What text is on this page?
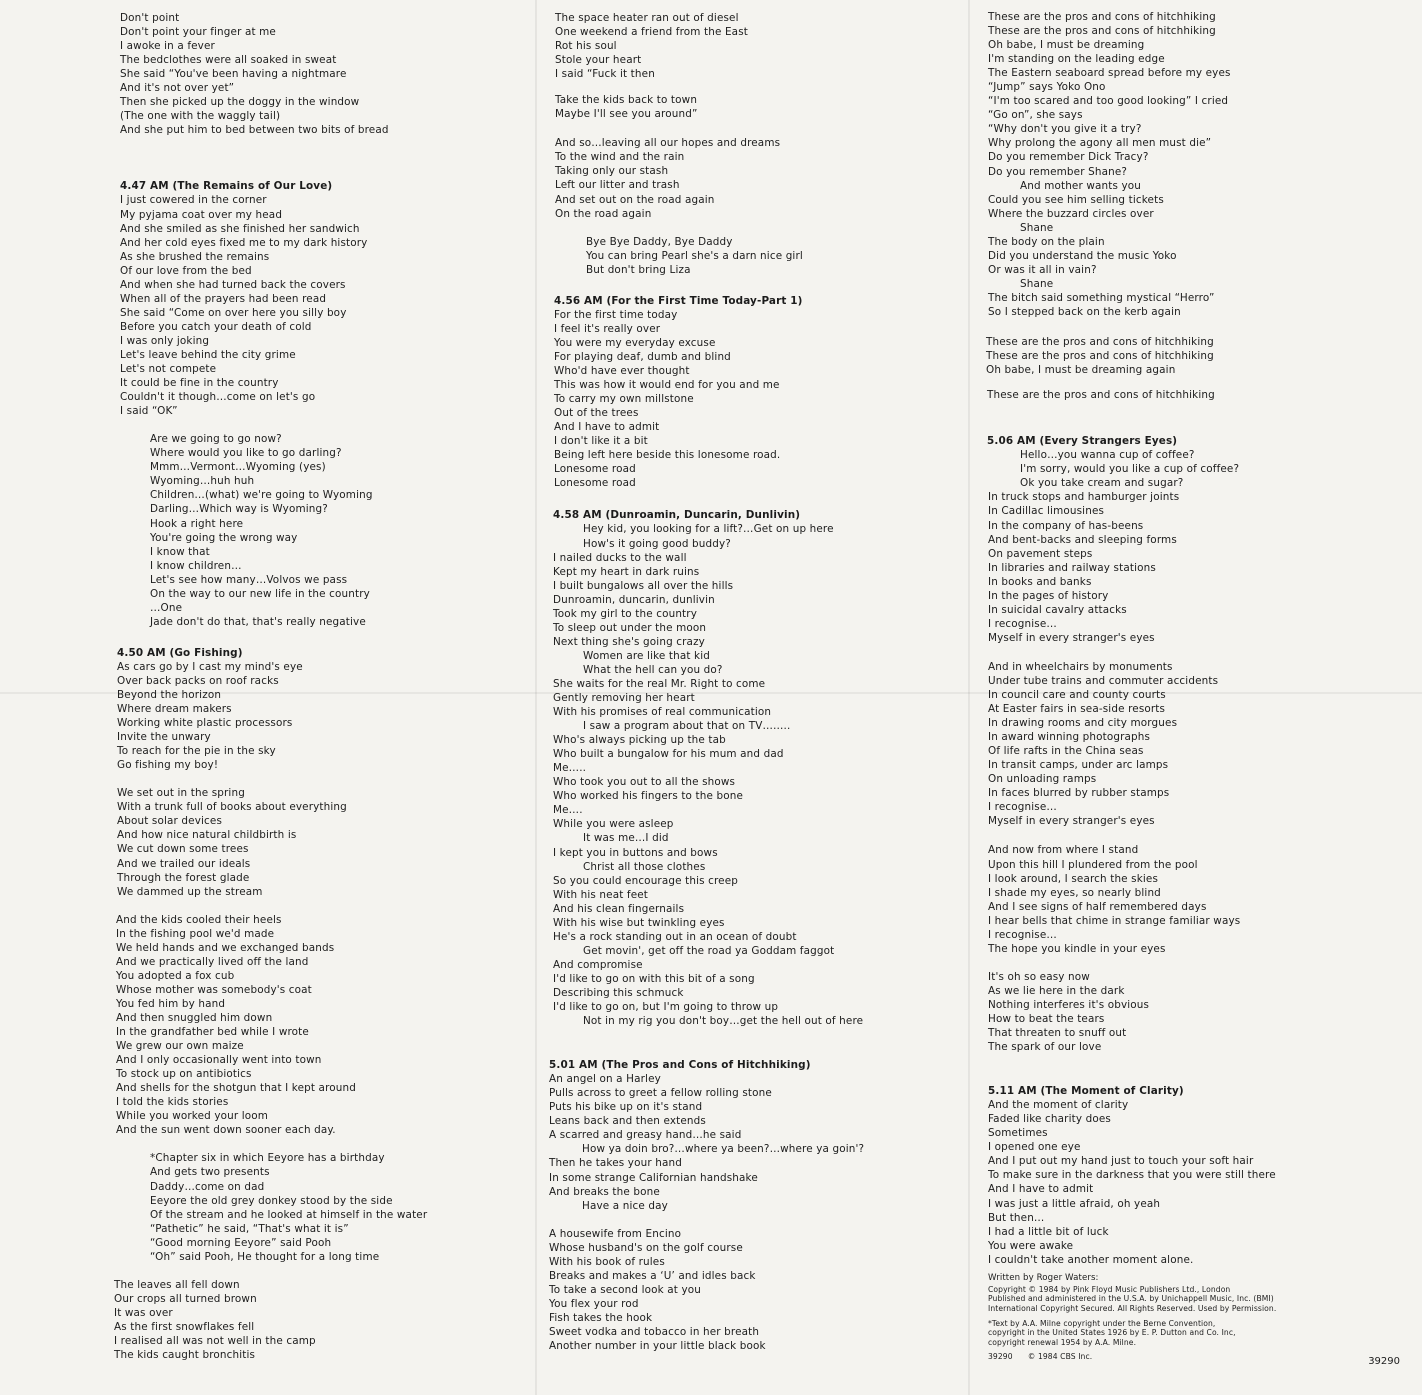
Don't point
Don't point your finger at me
I awoke in a fever
The bedclothes were all soaked in sweat
She said “You've been having a nightmare
And it's not over yet”
Then she picked up the doggy in the window
(The one with the waggly tail)
And she put him to bed between two bits of bread
4.47 AM (The Remains of Our Love)
I just cowered in the corner
My pyjama coat over my head
And she smiled as she finished her sandwich
And her cold eyes fixed me to my dark history
As she brushed the remains
Of our love from the bed
And when she had turned back the covers
When all of the prayers had been read
She said “Come on over here you silly boy
Before you catch your death of cold
I was only joking
Let's leave behind the city grime
Let's not compete
It could be fine in the country
Couldn't it though…come on let's go
I said “OK”
Are we going to go now?
Where would you like to go darling?
Mmm…Vermont…Wyoming (yes)
Wyoming…huh huh
Children…(what) we're going to Wyoming
Darling…Which way is Wyoming?
Hook a right here
You're going the wrong way
I know that
I know children…
Let's see how many…Volvos we pass
On the way to our new life in the country
…One
Jade don't do that, that's really negative
4.50 AM (Go Fishing)
As cars go by I cast my mind's eye
Over back packs on roof racks
Beyond the horizon
Where dream makers
Working white plastic processors
Invite the unwary
To reach for the pie in the sky
Go fishing my boy!
We set out in the spring
With a trunk full of books about everything
About solar devices
And how nice natural childbirth is
We cut down some trees
And we trailed our ideals
Through the forest glade
We dammed up the stream
And the kids cooled their heels
In the fishing pool we'd made
We held hands and we exchanged bands
And we practically lived off the land
You adopted a fox cub
Whose mother was somebody's coat
You fed him by hand
And then snuggled him down
In the grandfather bed while I wrote
We grew our own maize
And I only occasionally went into town
To stock up on antibiotics
And shells for the shotgun that I kept around
I told the kids stories
While you worked your loom
And the sun went down sooner each day.
*Chapter six in which Eeyore has a birthday
And gets two presents
Daddy…come on dad
Eeyore the old grey donkey stood by the side
Of the stream and he looked at himself in the water
“Pathetic” he said, “That's what it is”
“Good morning Eeyore” said Pooh
“Oh” said Pooh, He thought for a long time
The leaves all fell down
Our crops all turned brown
It was over
As the first snowflakes fell
I realised all was not well in the camp
The kids caught bronchitis
The space heater ran out of diesel
One weekend a friend from the East
Rot his soul
Stole your heart
I said “Fuck it then
Take the kids back to town
Maybe I'll see you around”
And so…leaving all our hopes and dreams
To the wind and the rain
Taking only our stash
Left our litter and trash
And set out on the road again
On the road again
Bye Bye Daddy, Bye Daddy
You can bring Pearl she's a darn nice girl
But don't bring Liza
4.56 AM (For the First Time Today-Part 1)
For the first time today
I feel it's really over
You were my everyday excuse
For playing deaf, dumb and blind
Who'd have ever thought
This was how it would end for you and me
To carry my own millstone
Out of the trees
And I have to admit
I don't like it a bit
Being left here beside this lonesome road.
Lonesome road
Lonesome road
4.58 AM (Dunroamin, Duncarin, Dunlivin)
Hey kid, you looking for a lift?…Get on up here
How's it going good buddy?
I nailed ducks to the wall
Kept my heart in dark ruins
I built bungalows all over the hills
Dunroamin, duncarin, dunlivin
Took my girl to the country
To sleep out under the moon
Next thing she's going crazy
Women are like that kid
What the hell can you do?
She waits for the real Mr. Right to come
Gently removing her heart
With his promises of real communication
I saw a program about that on TV……..
Who's always picking up the tab
Who built a bungalow for his mum and dad
Me…..
Who took you out to all the shows
Who worked his fingers to the bone
Me….
While you were asleep
It was me…I did
I kept you in buttons and bows
Christ all those clothes
So you could encourage this creep
With his neat feet
And his clean fingernails
With his wise but twinkling eyes
He's a rock standing out in an ocean of doubt
Get movin', get off the road ya Goddam faggot
And compromise
I'd like to go on with this bit of a song
Describing this schmuck
I'd like to go on, but I'm going to throw up
Not in my rig you don't boy…get the hell out of here
5.01 AM (The Pros and Cons of Hitchhiking)
An angel on a Harley
Pulls across to greet a fellow rolling stone
Puts his bike up on it's stand
Leans back and then extends
A scarred and greasy hand…he said
How ya doin bro?…where ya been?…where ya goin'?
Then he takes your hand
In some strange Californian handshake
And breaks the bone
Have a nice day
A housewife from Encino
Whose husband's on the golf course
With his book of rules
Breaks and makes a ‘U’ and idles back
To take a second look at you
You flex your rod
Fish takes the hook
Sweet vodka and tobacco in her breath
Another number in your little black book
These are the pros and cons of hitchhiking
These are the pros and cons of hitchhiking
Oh babe, I must be dreaming
I'm standing on the leading edge
The Eastern seaboard spread before my eyes
“Jump” says Yoko Ono
“I'm too scared and too good looking” I cried
“Go on”, she says
“Why don't you give it a try?
Why prolong the agony all men must die”
Do you remember Dick Tracy?
Do you remember Shane?
And mother wants you
Could you see him selling tickets
Where the buzzard circles over
Shane
The body on the plain
Did you understand the music Yoko
Or was it all in vain?
Shane
The bitch said something mystical “Herro”
So I stepped back on the kerb again
These are the pros and cons of hitchhiking
These are the pros and cons of hitchhiking
Oh babe, I must be dreaming again
These are the pros and cons of hitchhiking
5.06 AM (Every Strangers Eyes)
Hello…you wanna cup of coffee?
I'm sorry, would you like a cup of coffee?
Ok you take cream and sugar?
In truck stops and hamburger joints
In Cadillac limousines
In the company of has-beens
And bent-backs and sleeping forms
On pavement steps
In libraries and railway stations
In books and banks
In the pages of history
In suicidal cavalry attacks
I recognise…
Myself in every stranger's eyes
And in wheelchairs by monuments
Under tube trains and commuter accidents
In council care and county courts
At Easter fairs in sea-side resorts
In drawing rooms and city morgues
In award winning photographs
Of life rafts in the China seas
In transit camps, under arc lamps
On unloading ramps
In faces blurred by rubber stamps
I recognise…
Myself in every stranger's eyes
And now from where I stand
Upon this hill I plundered from the pool
I look around, I search the skies
I shade my eyes, so nearly blind
And I see signs of half remembered days
I hear bells that chime in strange familiar ways
I recognise…
The hope you kindle in your eyes
It's oh so easy now
As we lie here in the dark
Nothing interferes it's obvious
How to beat the tears
That threaten to snuff out
The spark of our love
5.11 AM (The Moment of Clarity)
And the moment of clarity
Faded like charity does
Sometimes
I opened one eye
And I put out my hand just to touch your soft hair
To make sure in the darkness that you were still there
And I have to admit
I was just a little afraid, oh yeah
But then…
I had a little bit of luck
You were awake
I couldn't take another moment alone.
Written by Roger Waters:
Copyright © 1984 by Pink Floyd Music Publishers Ltd., London
Published and administered in the U.S.A. by Unichappell Music, Inc. (BMI)
International Copyright Secured. All Rights Reserved. Used by Permission.
*Text by A.A. Milne copyright under the Berne Convention,
copyright in the United States 1926 by E. P. Dutton and Co. Inc,
copyright renewal 1954 by A.A. Milne.
39290      © 1984 CBS Inc.	39290
